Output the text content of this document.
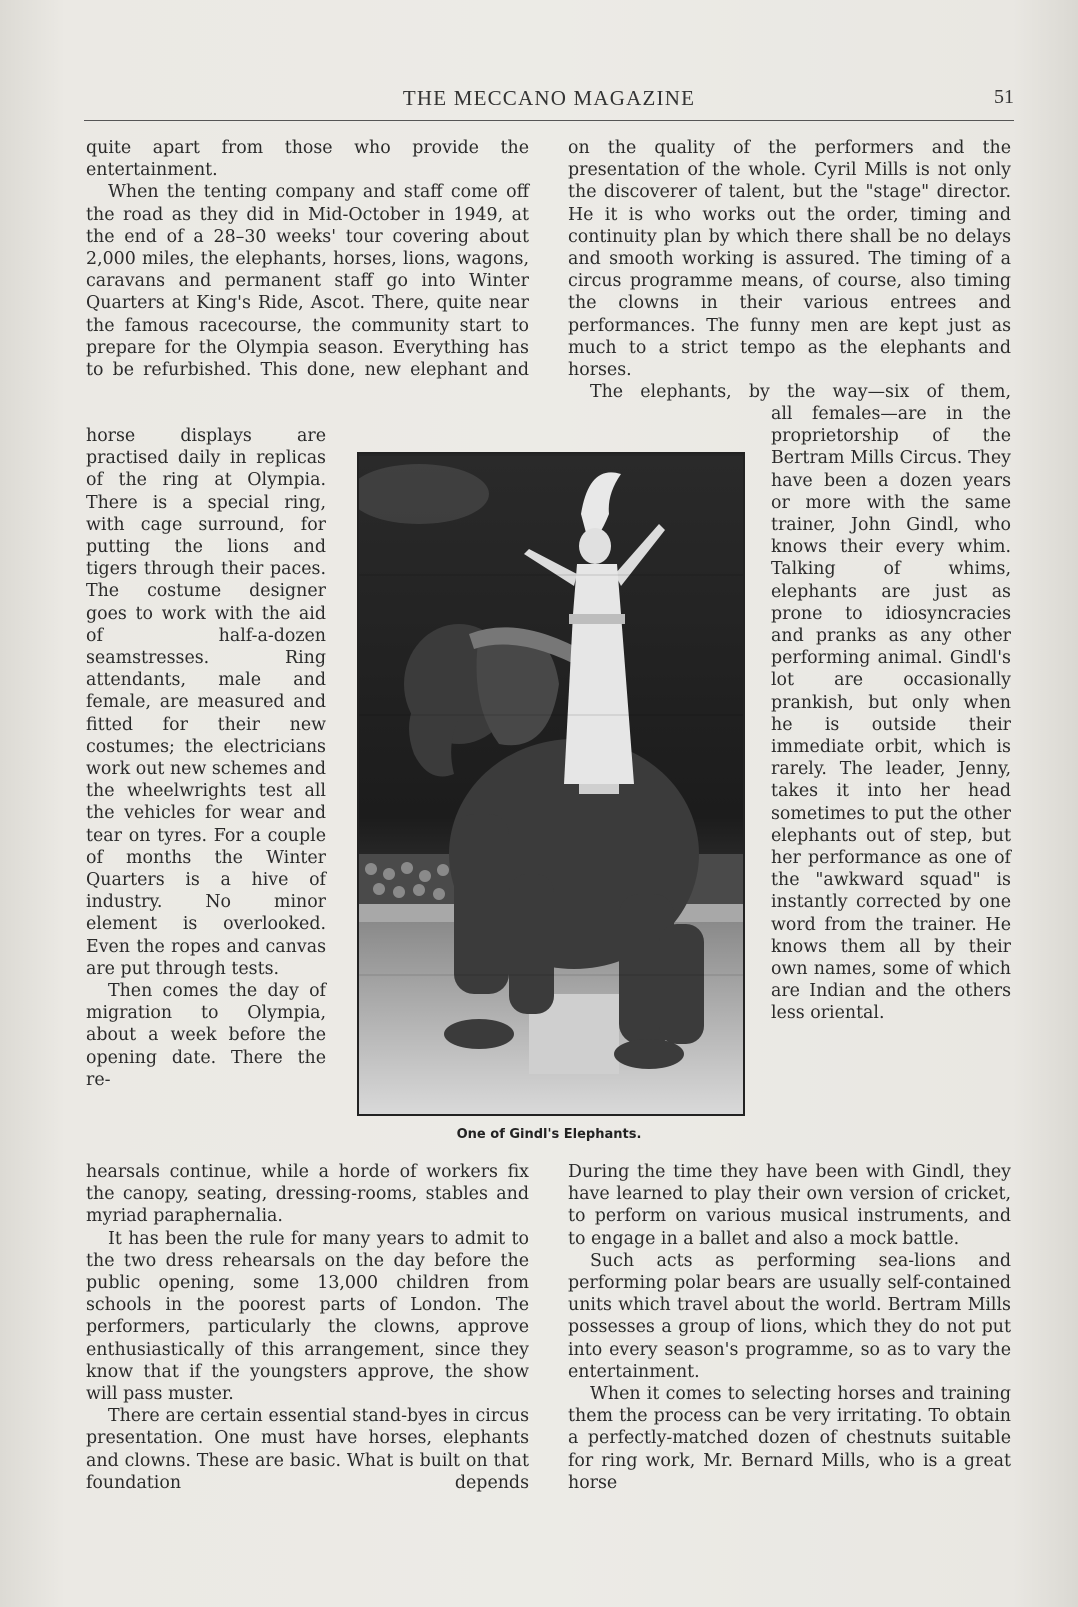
THE MECCANO MAGAZINE	51

quite apart from those who provide the entertainment.

When the tenting company and staff come off the road as they did in Mid-October in 1949, at the end of a 28–30 weeks' tour covering about 2,000 miles, the elephants, horses, lions, wagons, caravans and permanent staff go into Winter Quarters at King's Ride, Ascot. There, quite near the famous racecourse, the community start to prepare for the Olympia season. Everything has to be refurbished. This done, new elephant and

horse displays are practised daily in replicas of the ring at Olympia. There is a special ring, with cage surround, for putting the lions and tigers through their paces. The costume designer goes to work with the aid of half-a-dozen seamstresses. Ring attendants, male and female, are measured and fitted for their new costumes; the electricians work out new schemes and the wheelwrights test all the vehicles for wear and tear on tyres. For a couple of months the Winter Quarters is a hive of industry. No minor element is overlooked. Even the ropes and canvas are put through tests.

Then comes the day of migration to Olympia, about a week before the opening date. There the re-

hearsals continue, while a horde of workers fix the canopy, seating, dressing-rooms, stables and myriad paraphernalia.

It has been the rule for many years to admit to the two dress rehearsals on the day before the public opening, some 13,000 children from schools in the poorest parts of London. The performers, particularly the clowns, approve enthusiastically of this arrangement, since they know that if the youngsters approve, the show will pass muster.

There are certain essential stand-byes in circus presentation. One must have horses, elephants and clowns. These are basic. What is built on that foundation depends

on the quality of the performers and the presentation of the whole. Cyril Mills is not only the discoverer of talent, but the "stage" director. He it is who works out the order, timing and continuity plan by which there shall be no delays and smooth working is assured. The timing of a circus programme means, of course, also timing the clowns in their various entrees and performances. The funny men are kept just as much to a strict tempo as the elephants and horses.

The elephants, by the way—six of them,

all females—are in the proprietorship of the Bertram Mills Circus. They have been a dozen years or more with the same trainer, John Gindl, who knows their every whim. Talking of whims, elephants are just as prone to idiosyncracies and pranks as any other performing animal. Gindl's lot are occasionally prankish, but only when he is outside their immediate orbit, which is rarely. The leader, Jenny, takes it into her head sometimes to put the other elephants out of step, but her performance as one of the "awkward squad" is instantly corrected by one word from the trainer. He knows them all by their own names, some of which are Indian and the others less oriental.

During the time they have been with Gindl, they have learned to play their own version of cricket, to perform on various musical instruments, and to engage in a ballet and also a mock battle.

Such acts as performing sea-lions and performing polar bears are usually self-contained units which travel about the world. Bertram Mills possesses a group of lions, which they do not put into every season's programme, so as to vary the entertainment.

When it comes to selecting horses and training them the process can be very irritating. To obtain a perfectly-matched dozen of chestnuts suitable for ring work, Mr. Bernard Mills, who is a great horse

One of Gindl's Elephants.
